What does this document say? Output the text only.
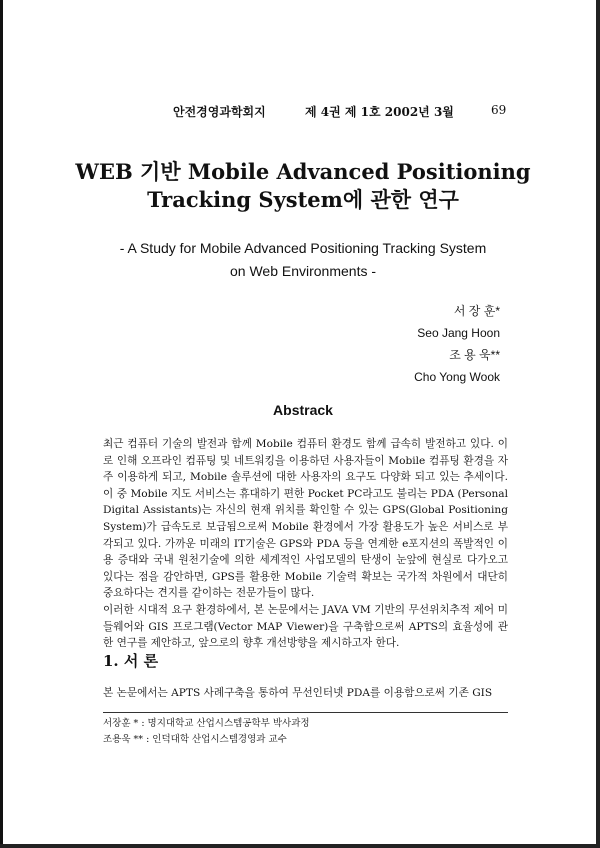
안전경영과학회지	제 4권 제 1호 2002년 3월	69
WEB 기반 Mobile Advanced Positioning
Tracking System에 관한 연구
- A Study for Mobile Advanced Positioning Tracking System
on Web Environments -
서 장 훈*
Seo Jang Hoon
조 용 욱**
Cho Yong Wook
Abstrack

최근 컴퓨터 기술의 발전과 함께 Mobile 컴퓨터 환경도 함께 급속히 발전하고 있다. 이로 인해 오프라인 컴퓨팅 및 네트워킹을 이용하던 사용자들이 Mobile 컴퓨팅 환경을 자주 이용하게 되고, Mobile 솔루션에 대한 사용자의 요구도 다양화 되고 있는 추세이다. 이 중 Mobile 지도 서비스는 휴대하기 편한 Pocket PC라고도 불리는 PDA (Personal Digital Assistants)는 자신의 현재 위치를 확인할 수 있는 GPS(Global Positioning System)가 급속도로 보급됨으로써 Mobile 환경에서 가장 활용도가 높은 서비스로 부각되고 있다. 가까운 미래의 IT기술은 GPS와 PDA 등을 연계한 e포지션의 폭발적인 이용 증대와 국내 원천기술에 의한 세계적인 사업모델의 탄생이 눈앞에 현실로 다가오고 있다는 점을 감안하면, GPS를 활용한 Mobile 기술력 확보는 국가적 차원에서 대단히 중요하다는 견지를 같이하는 전문가들이 많다.

이러한 시대적 요구 환경하에서, 본 논문에서는 JAVA VM 기반의 무선위치추적 제어 미들웨어와 GIS 프로그램(Vector MAP Viewer)을 구축함으로써 APTS의 효율성에 관한 연구를 제안하고, 앞으로의 향후 개선방향을 제시하고자 한다.

1. 서 론
본 논문에서는 APTS 사례구축을 통하여 무선인터넷 PDA를 이용함으로써 기존 GIS
서장훈 * : 명지대학교 산업시스템공학부 박사과정
조용욱 ** : 인덕대학 산업시스템경영과 교수
